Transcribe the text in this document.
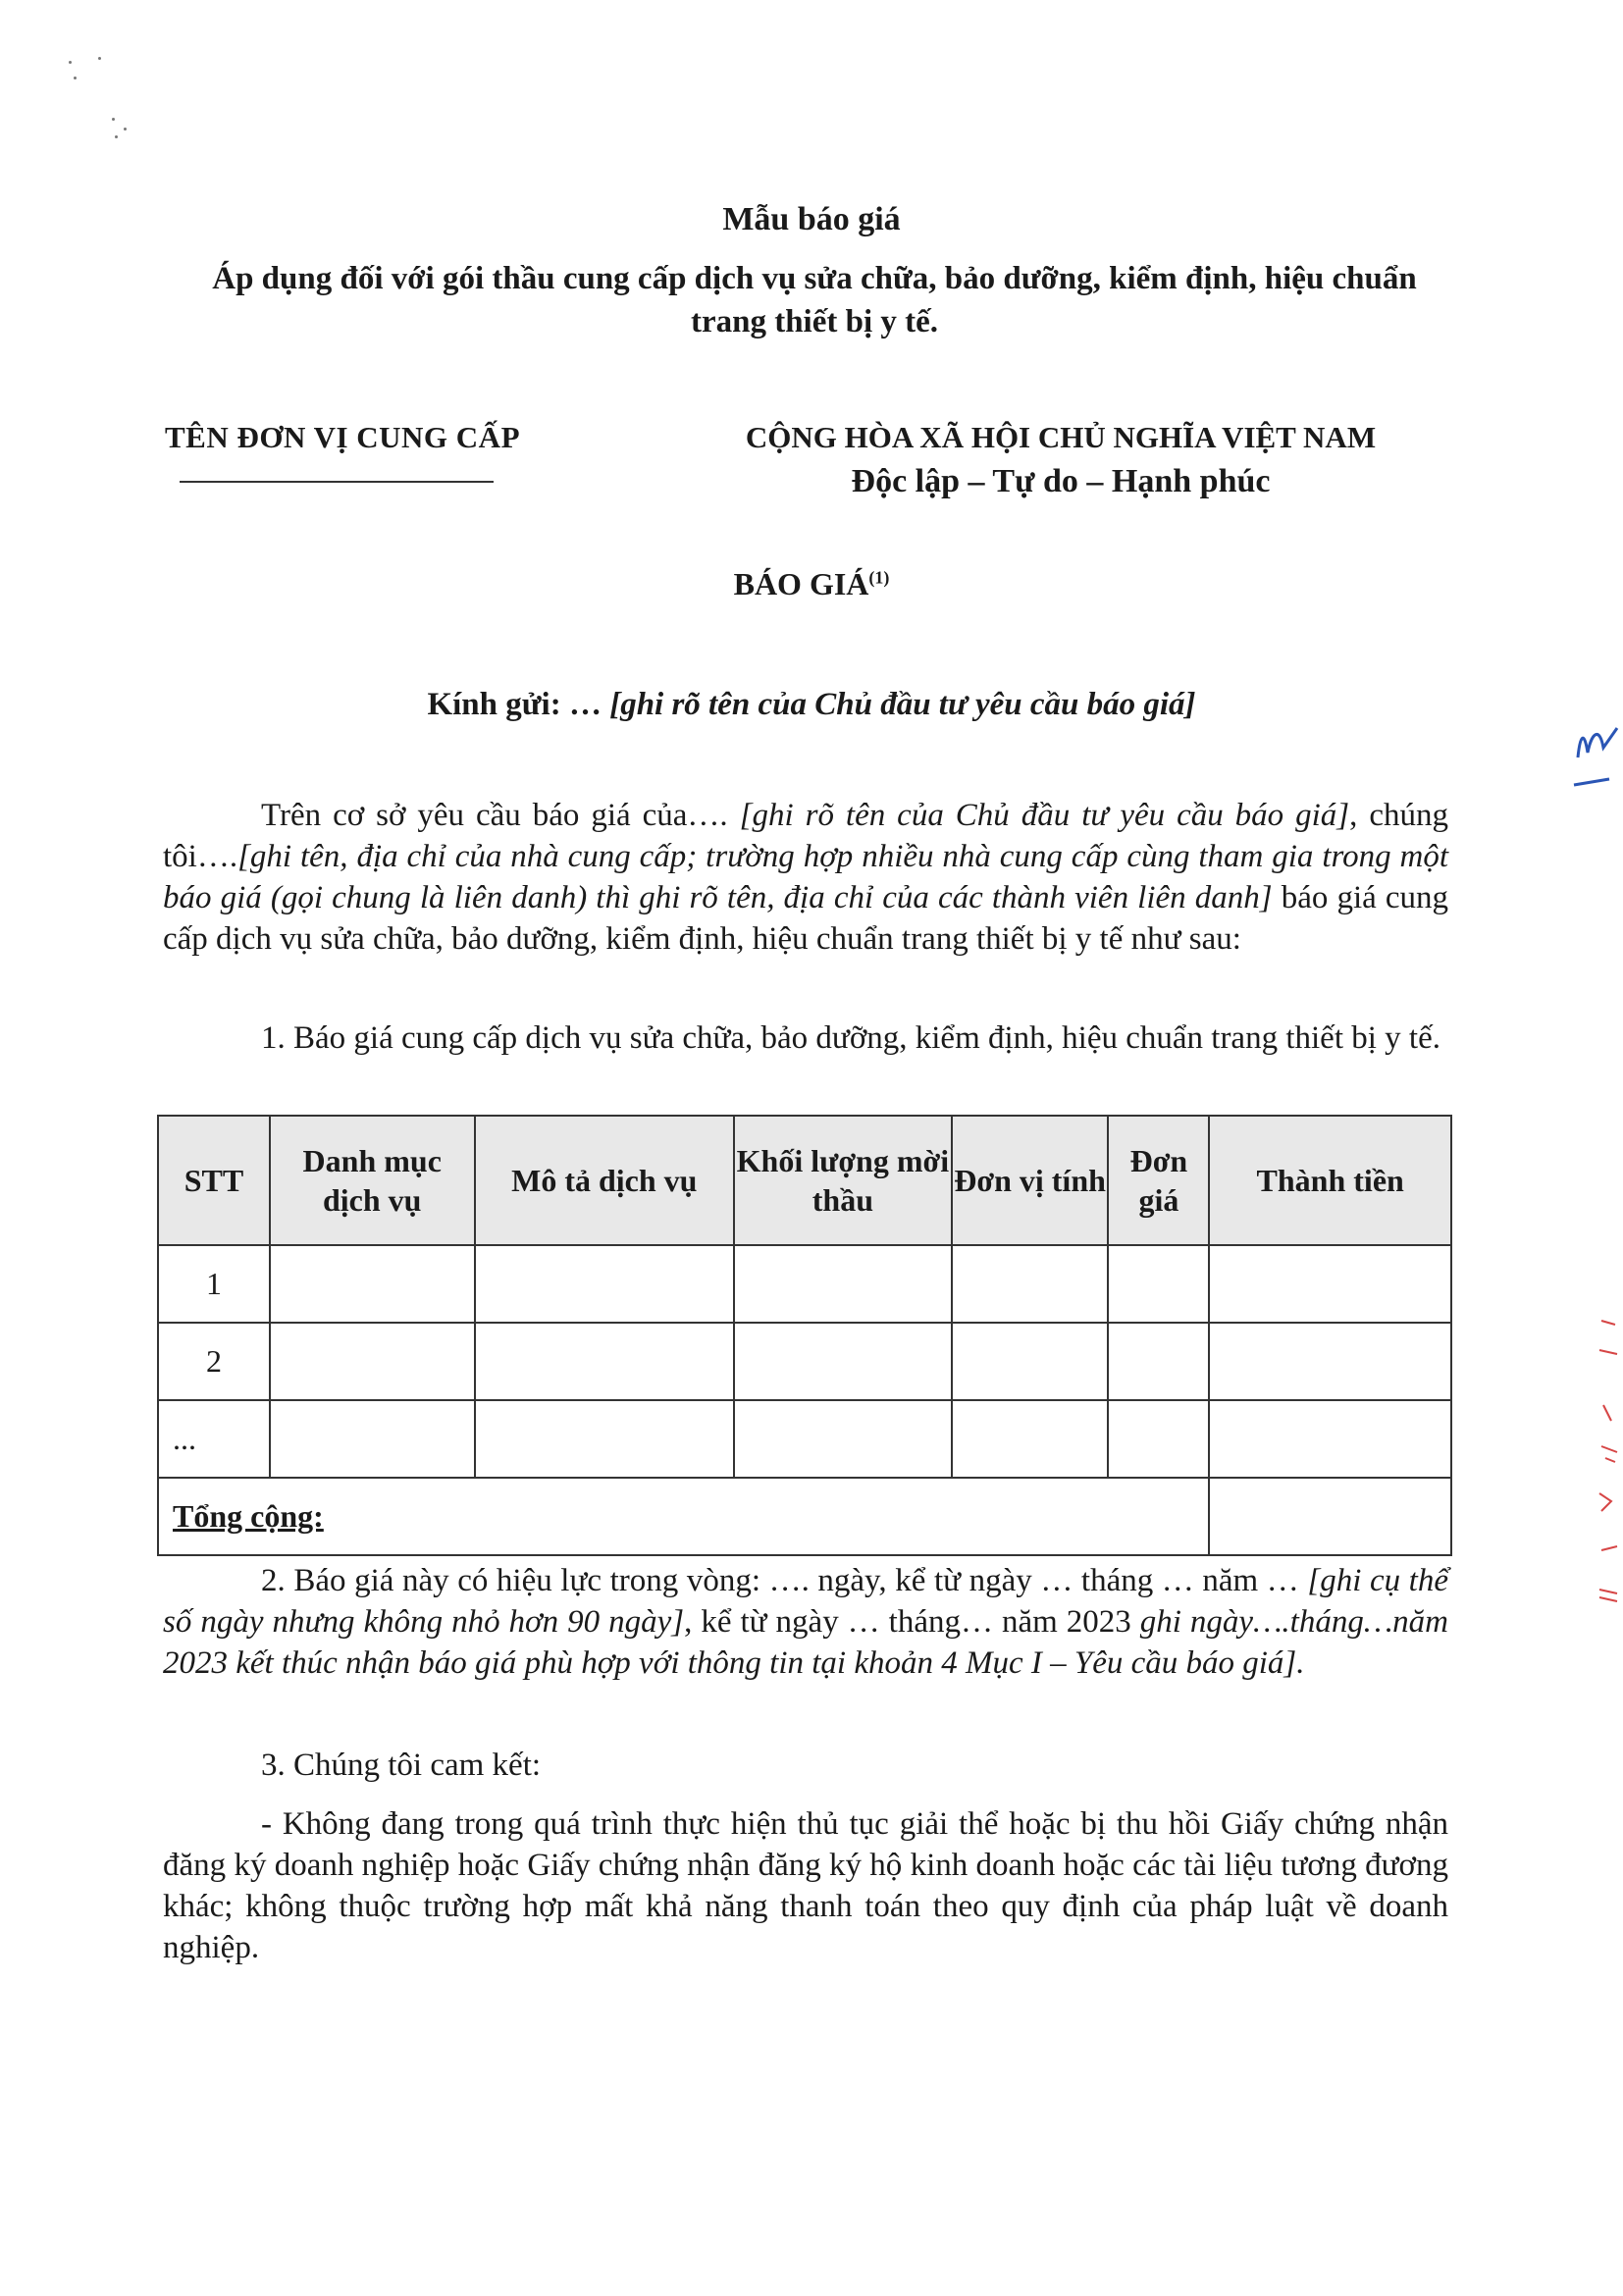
Mẫu báo giá
Áp dụng đối với gói thầu cung cấp dịch vụ sửa chữa, bảo dưỡng, kiểm định, hiệu chuẩn trang thiết bị y tế.
TÊN ĐƠN VỊ CUNG CẤP	CỘNG HÒA XÃ HỘI CHỦ NGHĨA VIỆT NAM
Độc lập – Tự do – Hạnh phúc
BÁO GIÁ$^{(1)}$
Kính gửi: … [ghi rõ tên của Chủ đầu tư yêu cầu báo giá]
Trên cơ sở yêu cầu báo giá của…. [ghi rõ tên của Chủ đầu tư yêu cầu báo giá], chúng tôi….[ghi tên, địa chỉ của nhà cung cấp; trường hợp nhiều nhà cung cấp cùng tham gia trong một báo giá (gọi chung là liên danh) thì ghi rõ tên, địa chỉ của các thành viên liên danh] báo giá cung cấp dịch vụ sửa chữa, bảo dưỡng, kiểm định, hiệu chuẩn trang thiết bị y tế như sau:
1. Báo giá cung cấp dịch vụ sửa chữa, bảo dưỡng, kiểm định, hiệu chuẩn trang thiết bị y tế.
STT	Danh mục dịch vụ	Mô tả dịch vụ	Khối lượng mời thầu	Đơn vị tính	Đơn giá	Thành tiền
1						
2						
...						
Tổng cộng:						
2. Báo giá này có hiệu lực trong vòng: …. ngày, kể từ ngày … tháng … năm … [ghi cụ thể số ngày nhưng không nhỏ hơn 90 ngày], kể từ ngày … tháng… năm 2023 ghi ngày….tháng…năm 2023 kết thúc nhận báo giá phù hợp với thông tin tại khoản 4 Mục I – Yêu cầu báo giá].
3. Chúng tôi cam kết:
- Không đang trong quá trình thực hiện thủ tục giải thể hoặc bị thu hồi Giấy chứng nhận đăng ký doanh nghiệp hoặc Giấy chứng nhận đăng ký hộ kinh doanh hoặc các tài liệu tương đương khác; không thuộc trường hợp mất khả năng thanh toán theo quy định của pháp luật về doanh nghiệp.
